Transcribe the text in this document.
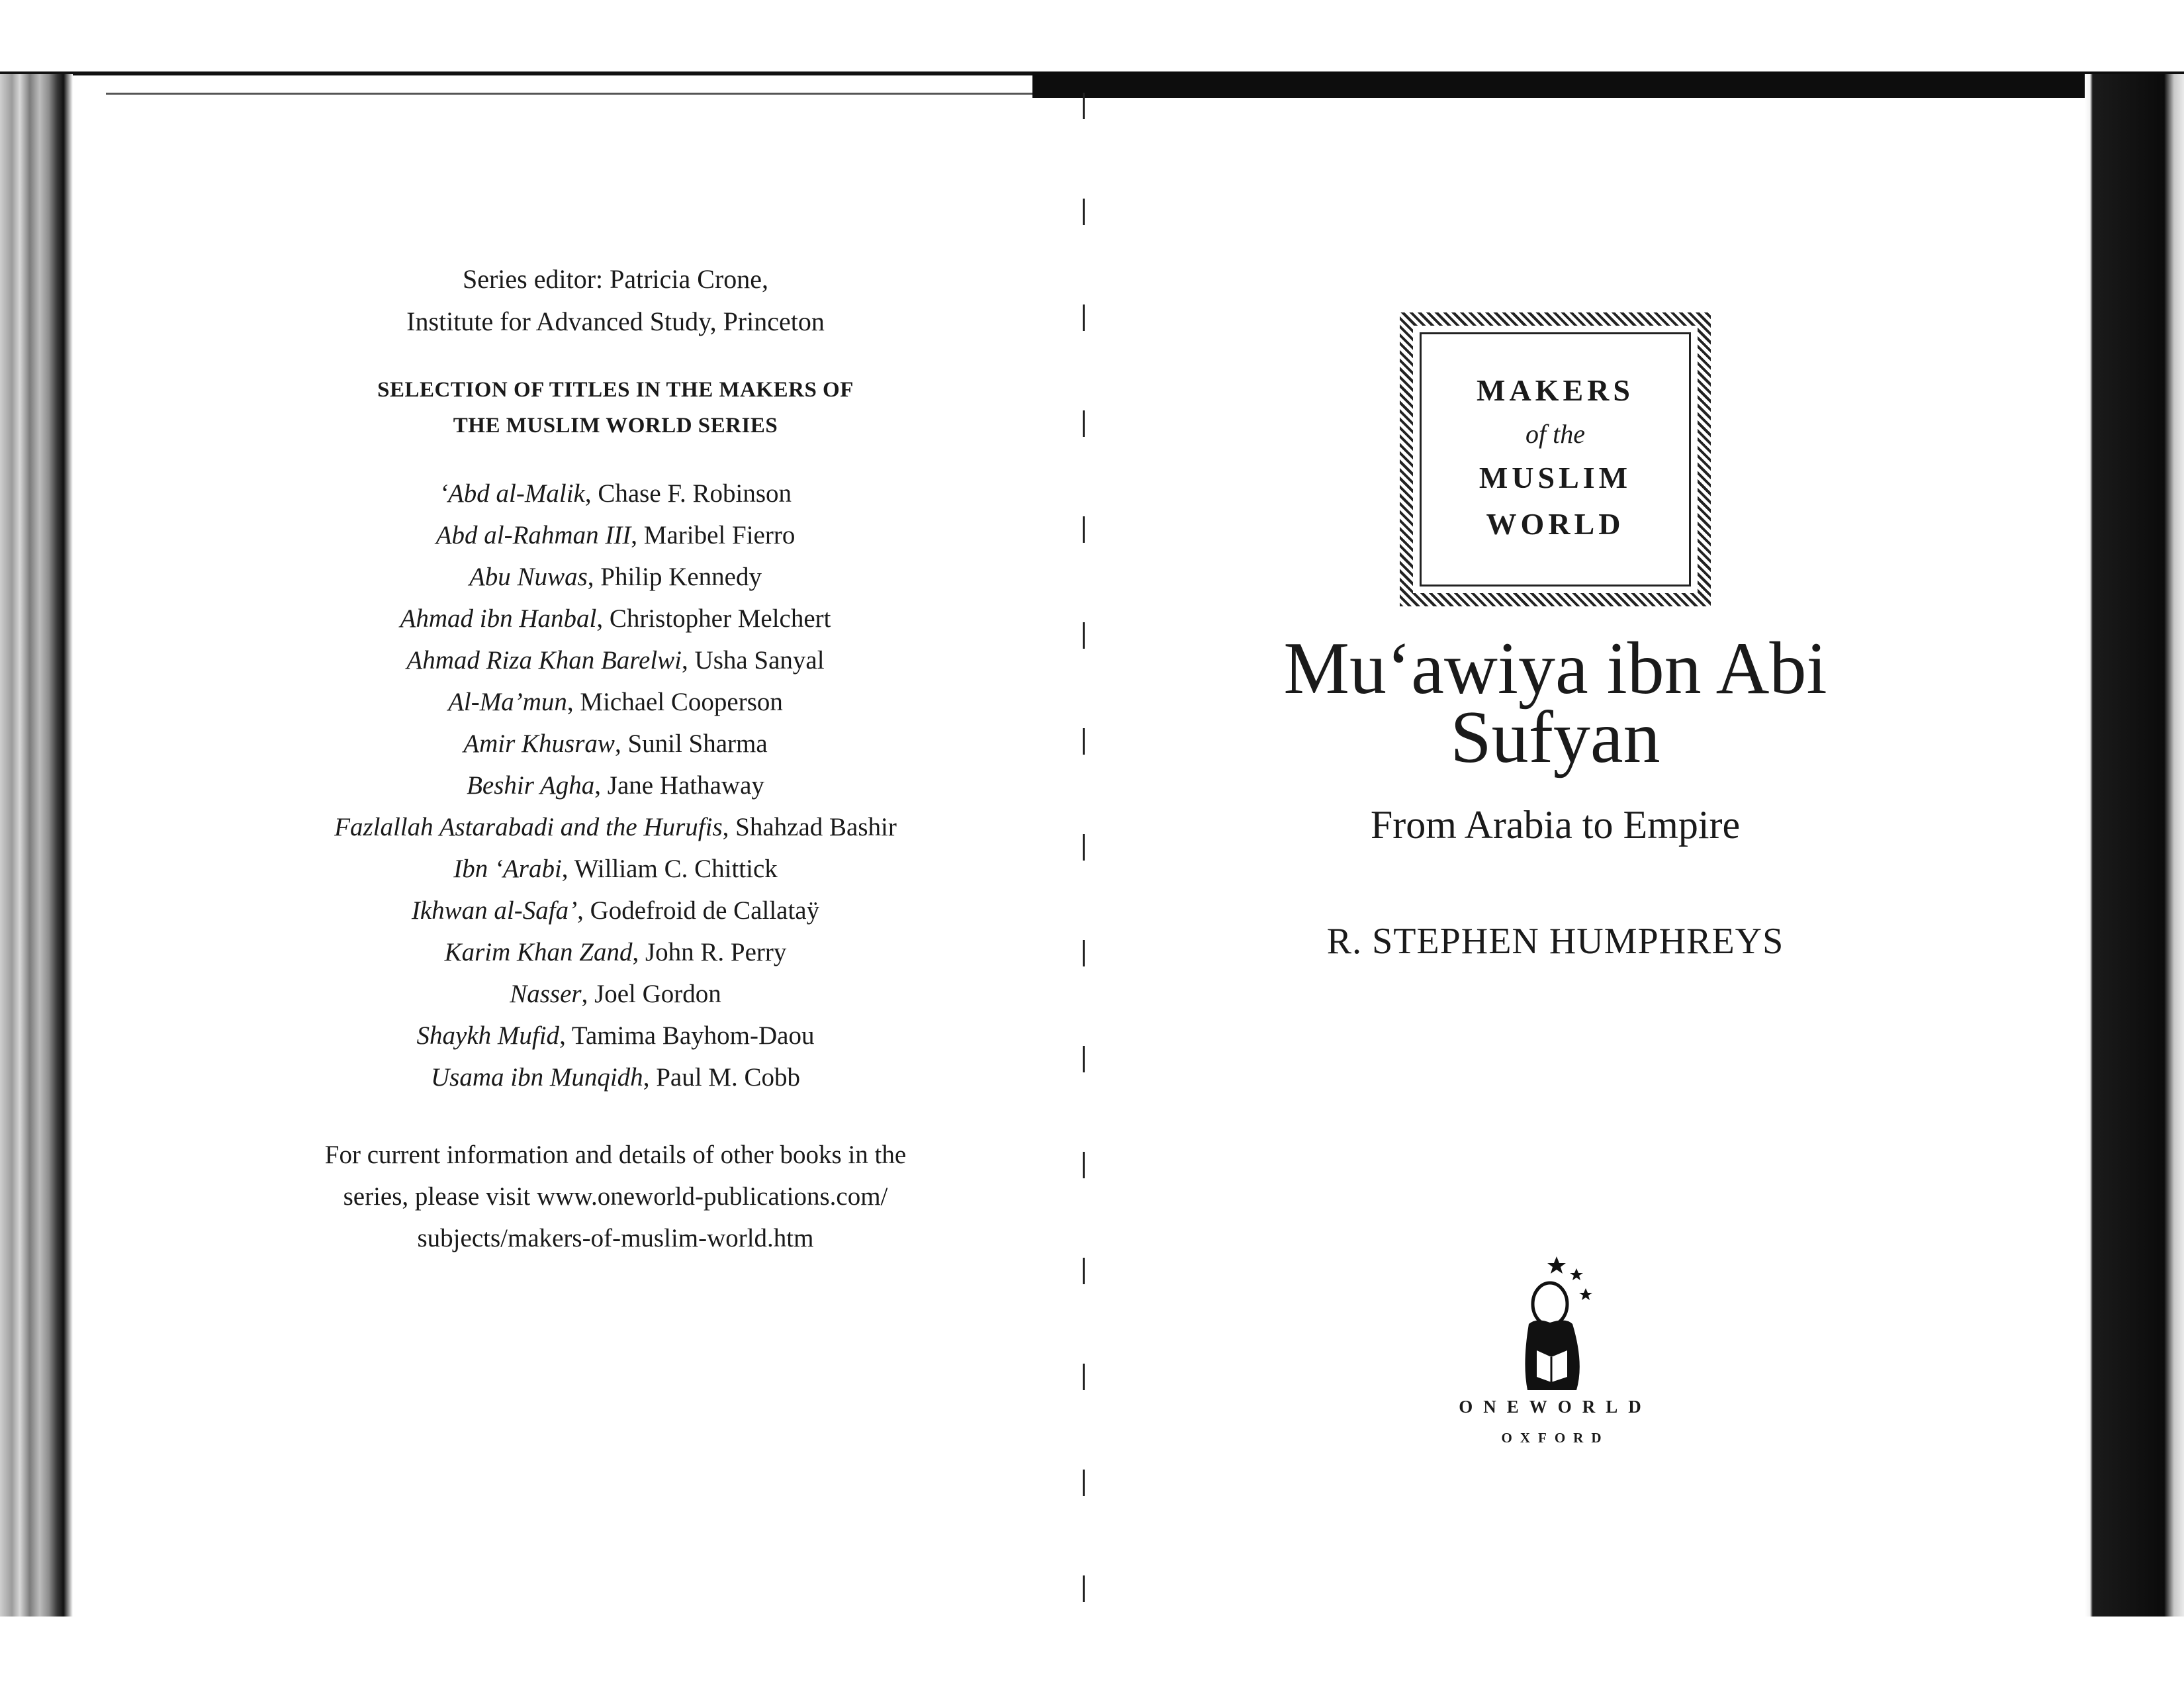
Series editor: Patricia Crone,
Institute for Advanced Study, Princeton
SELECTION OF TITLES IN THE MAKERS OF
THE MUSLIM WORLD SERIES
‘Abd al-Malik, Chase F. Robinson
Abd al-Rahman III, Maribel Fierro
Abu Nuwas, Philip Kennedy
Ahmad ibn Hanbal, Christopher Melchert
Ahmad Riza Khan Barelwi, Usha Sanyal
Al-Ma’mun, Michael Cooperson
Amir Khusraw, Sunil Sharma
Beshir Agha, Jane Hathaway
Fazlallah Astarabadi and the Hurufis, Shahzad Bashir
Ibn ‘Arabi, William C. Chittick
Ikhwan al-Safa’, Godefroid de Callataÿ
Karim Khan Zand, John R. Perry
Nasser, Joel Gordon
Shaykh Mufid, Tamima Bayhom-Daou
Usama ibn Munqidh, Paul M. Cobb
For current information and details of other books in the
series, please visit www.oneworld-publications.com/
subjects/makers-of-muslim-world.htm
MAKERS
of the
MUSLIM
WORLD
Mu‘awiya ibn Abi
Sufyan
From Arabia to Empire
R. STEPHEN HUMPHREYS
ONEWORLD
OXFORD
